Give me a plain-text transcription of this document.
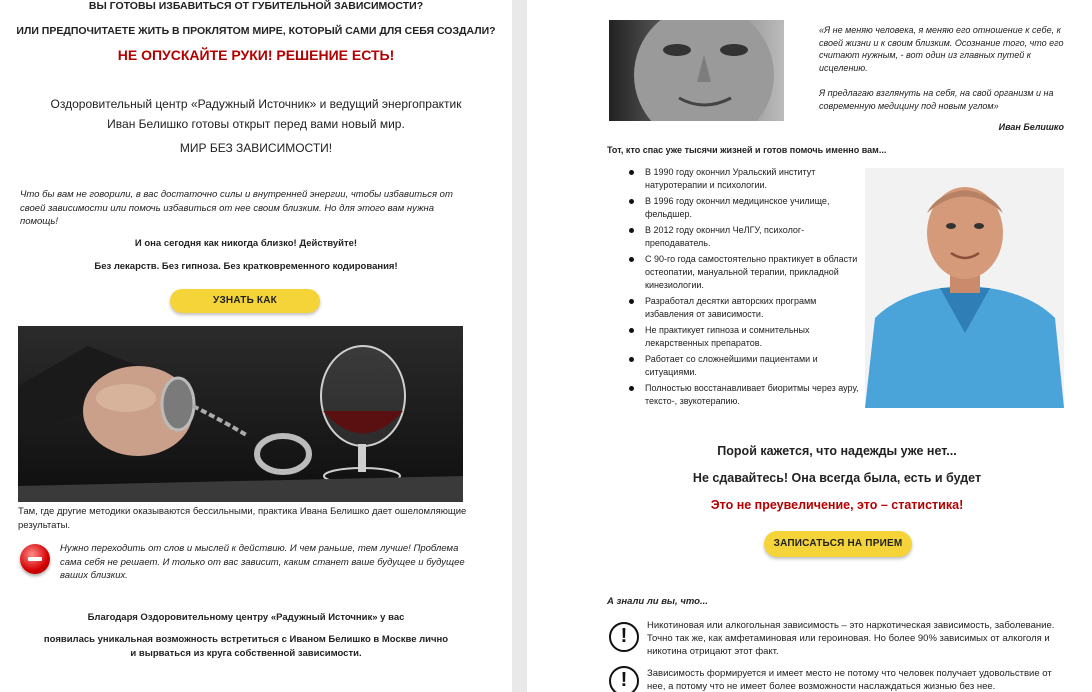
ВЫ ГОТОВЫ ИЗБАВИТЬСЯ ОТ ГУБИТЕЛЬНОЙ ЗАВИСИМОСТИ?
ИЛИ ПРЕДПОЧИТАЕТЕ ЖИТЬ В ПРОКЛЯТОМ МИРЕ, КОТОРЫЙ САМИ ДЛЯ СЕБЯ СОЗДАЛИ?
НЕ ОПУСКАЙТЕ РУКИ! РЕШЕНИЕ ЕСТЬ!
Оздоровительный центр «Радужный Источник» и ведущий энергопрактик
Иван Белишко готовы открыт перед вами новый мир.
МИР БЕЗ ЗАВИСИМОСТИ!
Что бы вам не говорили, в вас достаточно силы и внутренней энергии, чтобы избавиться от своей зависимости или помочь избавиться от нее своим близким. Но для этого вам нужна помощь!
И она сегодня как никогда близко! Действуйте!
Без лекарств. Без гипноза. Без кратковременного кодирования!
УЗНАТЬ КАК
Там, где другие методики оказываются бессильными, практика Ивана Белишко дает ошеломляющие результаты.
Нужно переходить от слов и мыслей к действию. И чем раньше, тем лучше! Проблема сама себя не решает. И только от вас зависит, каким станет ваше будущее и будущее ваших близких.
Благодаря Оздоровительному центру «Радужный Источник» у вас
появилась уникальная возможность встретиться с Иваном Белишко в Москве лично и вырваться из круга собственной зависимости.
«Я не меняю человека, я меняю его отношение к себе, к своей жизни и к своим близким. Осознание того, что его считают нужным, - вот один из главных путей к исцелению.
Я предлагаю взглянуть на себя, на свой организм и на современную медицину под новым углом»
Иван Белишко
Тот, кто спас уже тысячи жизней и готов помочь именно вам...
В 1990 году окончил Уральский институт натуротерапии и психологии.
В 1996 году окончил медицинское училище, фельдшер.
В 2012 году окончил ЧеЛГУ, психолог-преподаватель.
С 90-го года самостоятельно практикует в области остеопатии, мануальной терапии, прикладной кинезиологии.
Разработал десятки авторских программ избавления от зависимости.
Не практикует гипноза и сомнительных лекарственных препаратов.
Работает со сложнейшими пациентами и ситуациями.
Полностью восстанавливает биоритмы через ауру, тексто-, звукотерапию.
Порой кажется, что надежды уже нет...
Не сдавайтесь! Она всегда была, есть и будет
Это не преувеличение, это – статистика!
ЗАПИСАТЬСЯ НА ПРИЕМ
А знали ли вы, что...
!	Никотиновая или алкогольная зависимость – это наркотическая зависимость, заболевание. Точно так же, как амфетаминовая или героиновая. Но более 90% зависимых от алкоголя и никотина отрицают этот факт.
!	Зависимость формируется и имеет место не потому что человек получает удовольствие от нее, а потому что не имеет более возможности наслаждаться жизнью без нее.
